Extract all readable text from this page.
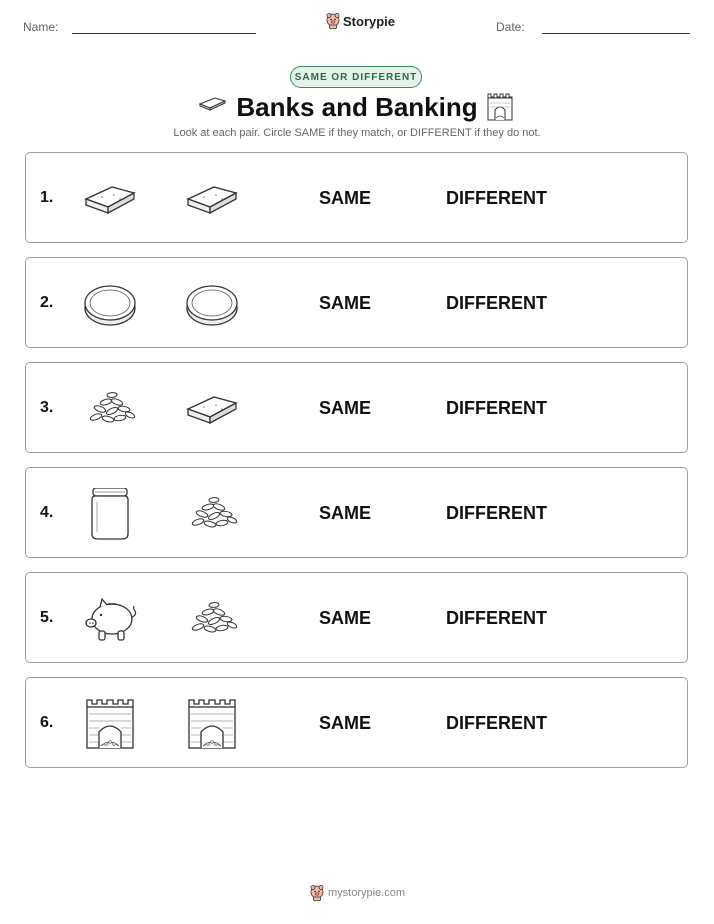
Name:	Storypie	Date:
SAME OR DIFFERENT
Banks and Banking
Look at each pair. Circle SAME if they match, or DIFFERENT if they do not.
1.	SAME	DIFFERENT
2.	SAME	DIFFERENT
3.	SAME	DIFFERENT
4.	SAME	DIFFERENT
5.	SAME	DIFFERENT
6.	SAME	DIFFERENT
mystorypie.com
